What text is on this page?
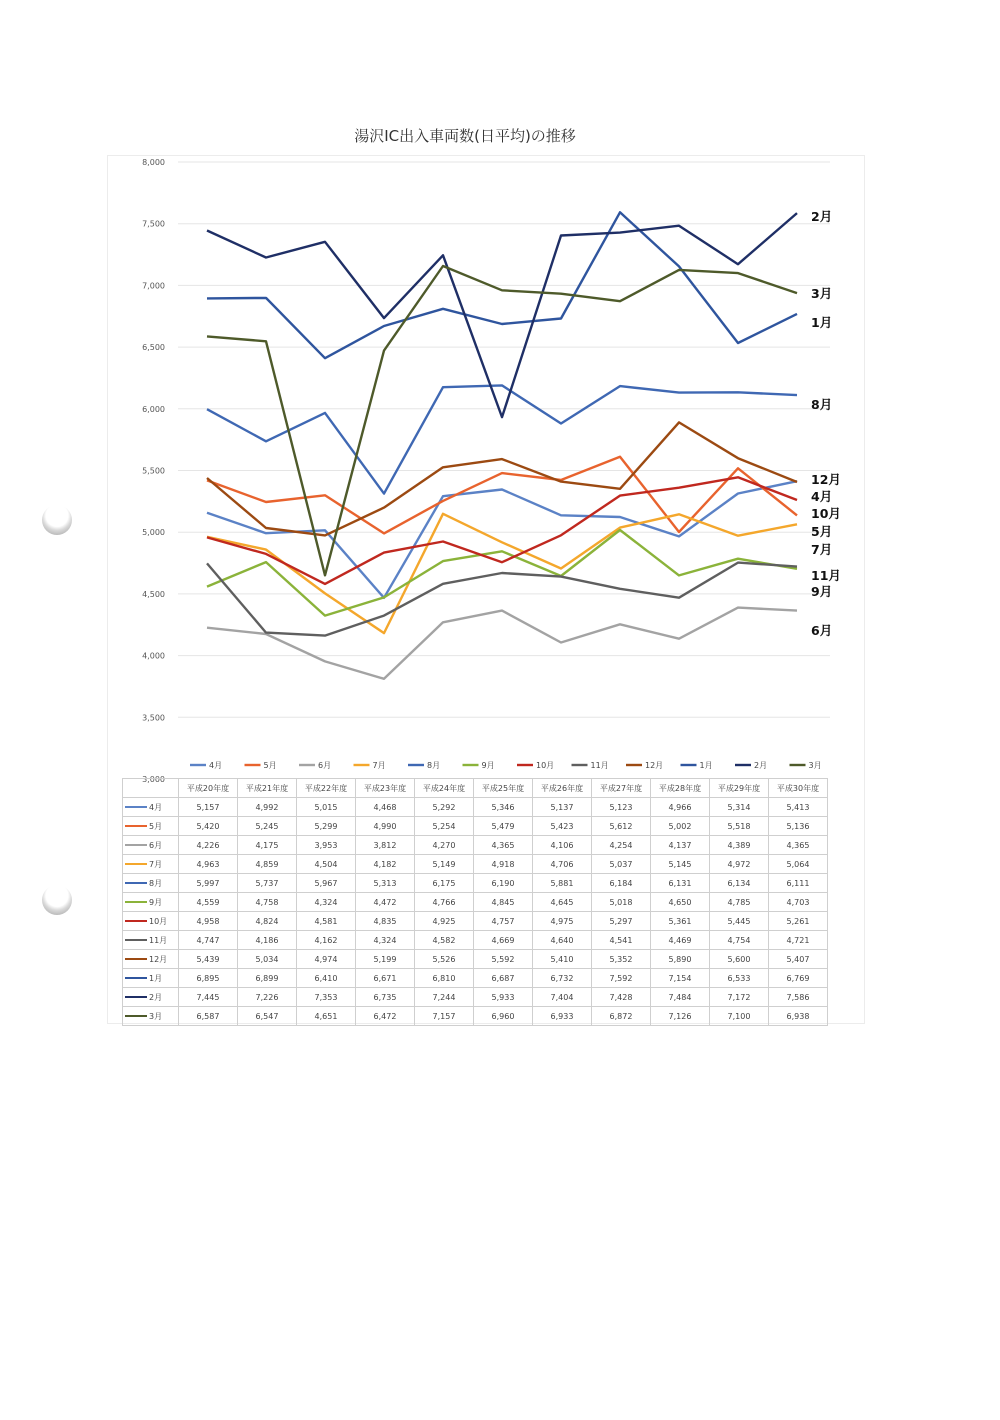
湯沢IC出入車両数(日平均)の推移
3,000
3,500
4,000
4,500
5,000
5,500
6,000
6,500
7,000
7,500
8,000
2月
3月
1月
8月
12月
4月
10月
5月
7月
11月
9月
6月
4月	5月	6月	7月	8月	9月	10月	11月	12月	1月	2月	3月
	平成20年度	平成21年度	平成22年度	平成23年度	平成24年度	平成25年度	平成26年度	平成27年度	平成28年度	平成29年度	平成30年度
4月	5,157	4,992	5,015	4,468	5,292	5,346	5,137	5,123	4,966	5,314	5,413
5月	5,420	5,245	5,299	4,990	5,254	5,479	5,423	5,612	5,002	5,518	5,136
6月	4,226	4,175	3,953	3,812	4,270	4,365	4,106	4,254	4,137	4,389	4,365
7月	4,963	4,859	4,504	4,182	5,149	4,918	4,706	5,037	5,145	4,972	5,064
8月	5,997	5,737	5,967	5,313	6,175	6,190	5,881	6,184	6,131	6,134	6,111
9月	4,559	4,758	4,324	4,472	4,766	4,845	4,645	5,018	4,650	4,785	4,703
10月	4,958	4,824	4,581	4,835	4,925	4,757	4,975	5,297	5,361	5,445	5,261
11月	4,747	4,186	4,162	4,324	4,582	4,669	4,640	4,541	4,469	4,754	4,721
12月	5,439	5,034	4,974	5,199	5,526	5,592	5,410	5,352	5,890	5,600	5,407
1月	6,895	6,899	6,410	6,671	6,810	6,687	6,732	7,592	7,154	6,533	6,769
2月	7,445	7,226	7,353	6,735	7,244	5,933	7,404	7,428	7,484	7,172	7,586
3月	6,587	6,547	4,651	6,472	7,157	6,960	6,933	6,872	7,126	7,100	6,938
